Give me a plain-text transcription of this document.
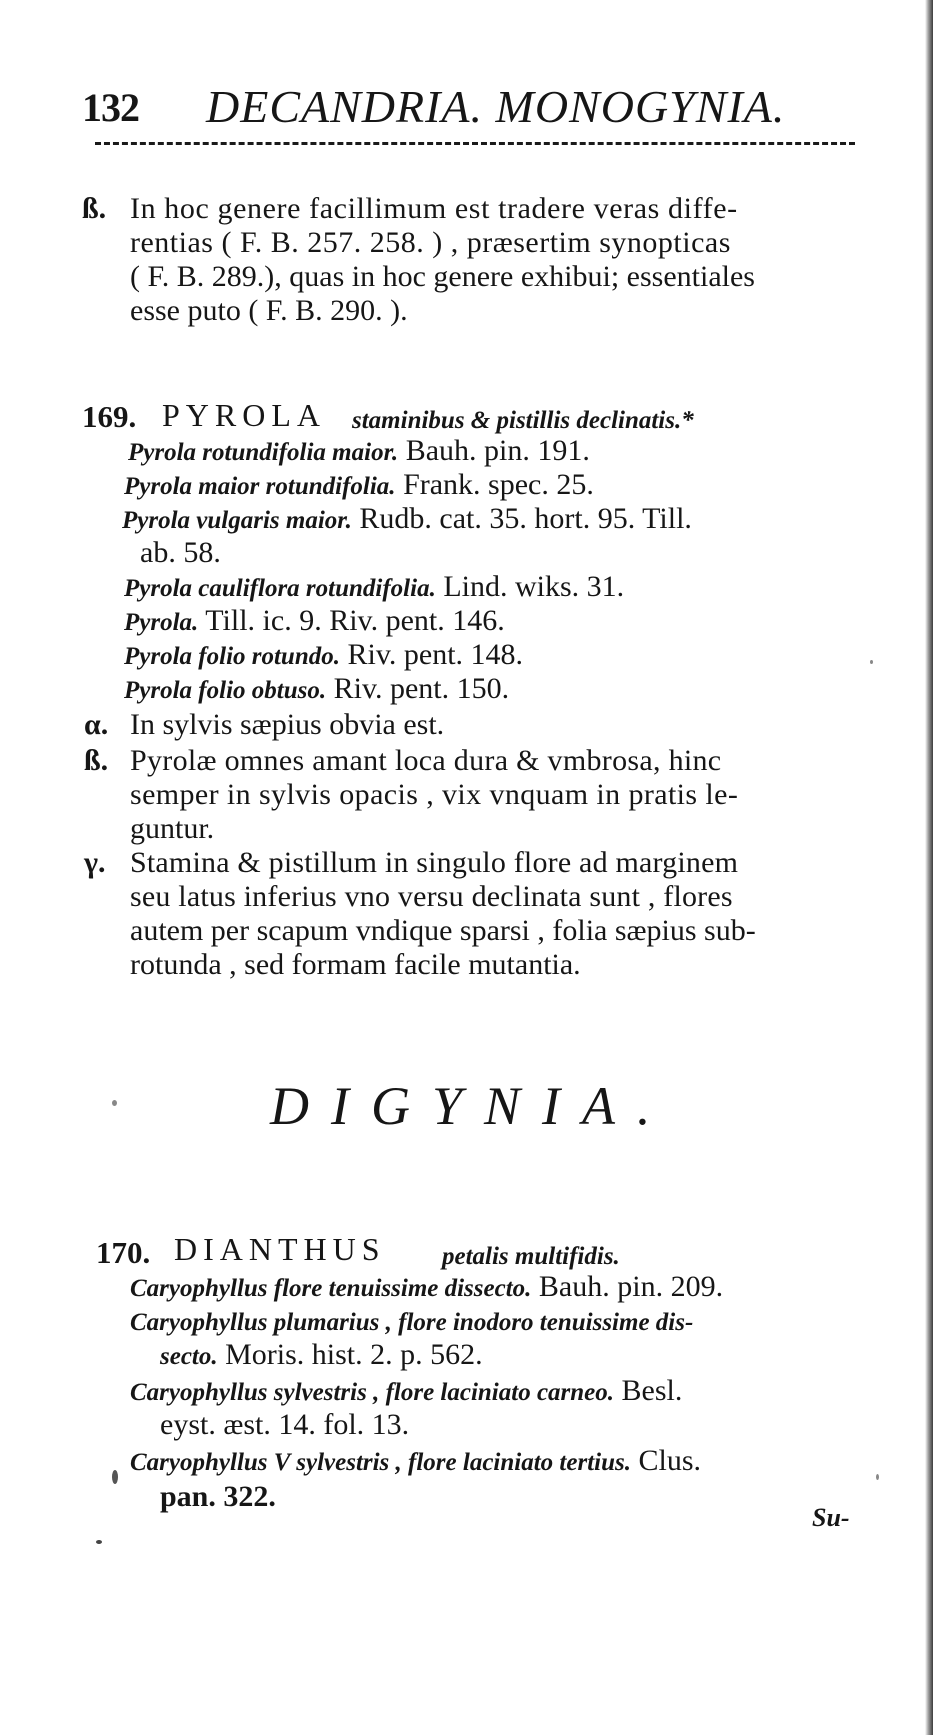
132 DECANDRIA. MONOGYNIA.
ß. In hoc genere facillimum est tradere veras diffe-
rentias ( F. B. 257. 258. ) , præsertim synopticas
( F. B. 289.), quas in hoc genere exhibui; essentiales
esse puto ( F. B. 290. ).
169. PYROLA staminibus & pistillis declinatis.*
Pyrola rotundifolia maior. Bauh. pin. 191.
Pyrola maior rotundifolia. Frank. spec. 25.
Pyrola vulgaris maior. Rudb. cat. 35. hort. 95. Till.
ab. 58.
Pyrola cauliflora rotundifolia. Lind. wiks. 31.
Pyrola. Till. ic. 9. Riv. pent. 146.
Pyrola folio rotundo. Riv. pent. 148.
Pyrola folio obtuso. Riv. pent. 150.
α. In sylvis sæpius obvia est.
ß. Pyrolæ omnes amant loca dura & vmbrosa, hinc
semper in sylvis opacis , vix vnquam in pratis le-
guntur.
γ. Stamina & pistillum in singulo flore ad marginem
seu latus inferius vno versu declinata sunt , flores
autem per scapum vndique sparsi , folia sæpius sub-
rotunda , sed formam facile mutantia.
DIGYNIA.
170. DIANTHUS petalis multifidis.
Caryophyllus flore tenuissime dissecto. Bauh. pin. 209.
Caryophyllus plumarius , flore inodoro tenuissime dis-
secto. Moris. hist. 2. p. 562.
Caryophyllus sylvestris , flore laciniato carneo. Besl.
eyst. æst. 14. fol. 13.
Caryophyllus V sylvestris , flore laciniato tertius. Clus.
pan. 322.
Su-
